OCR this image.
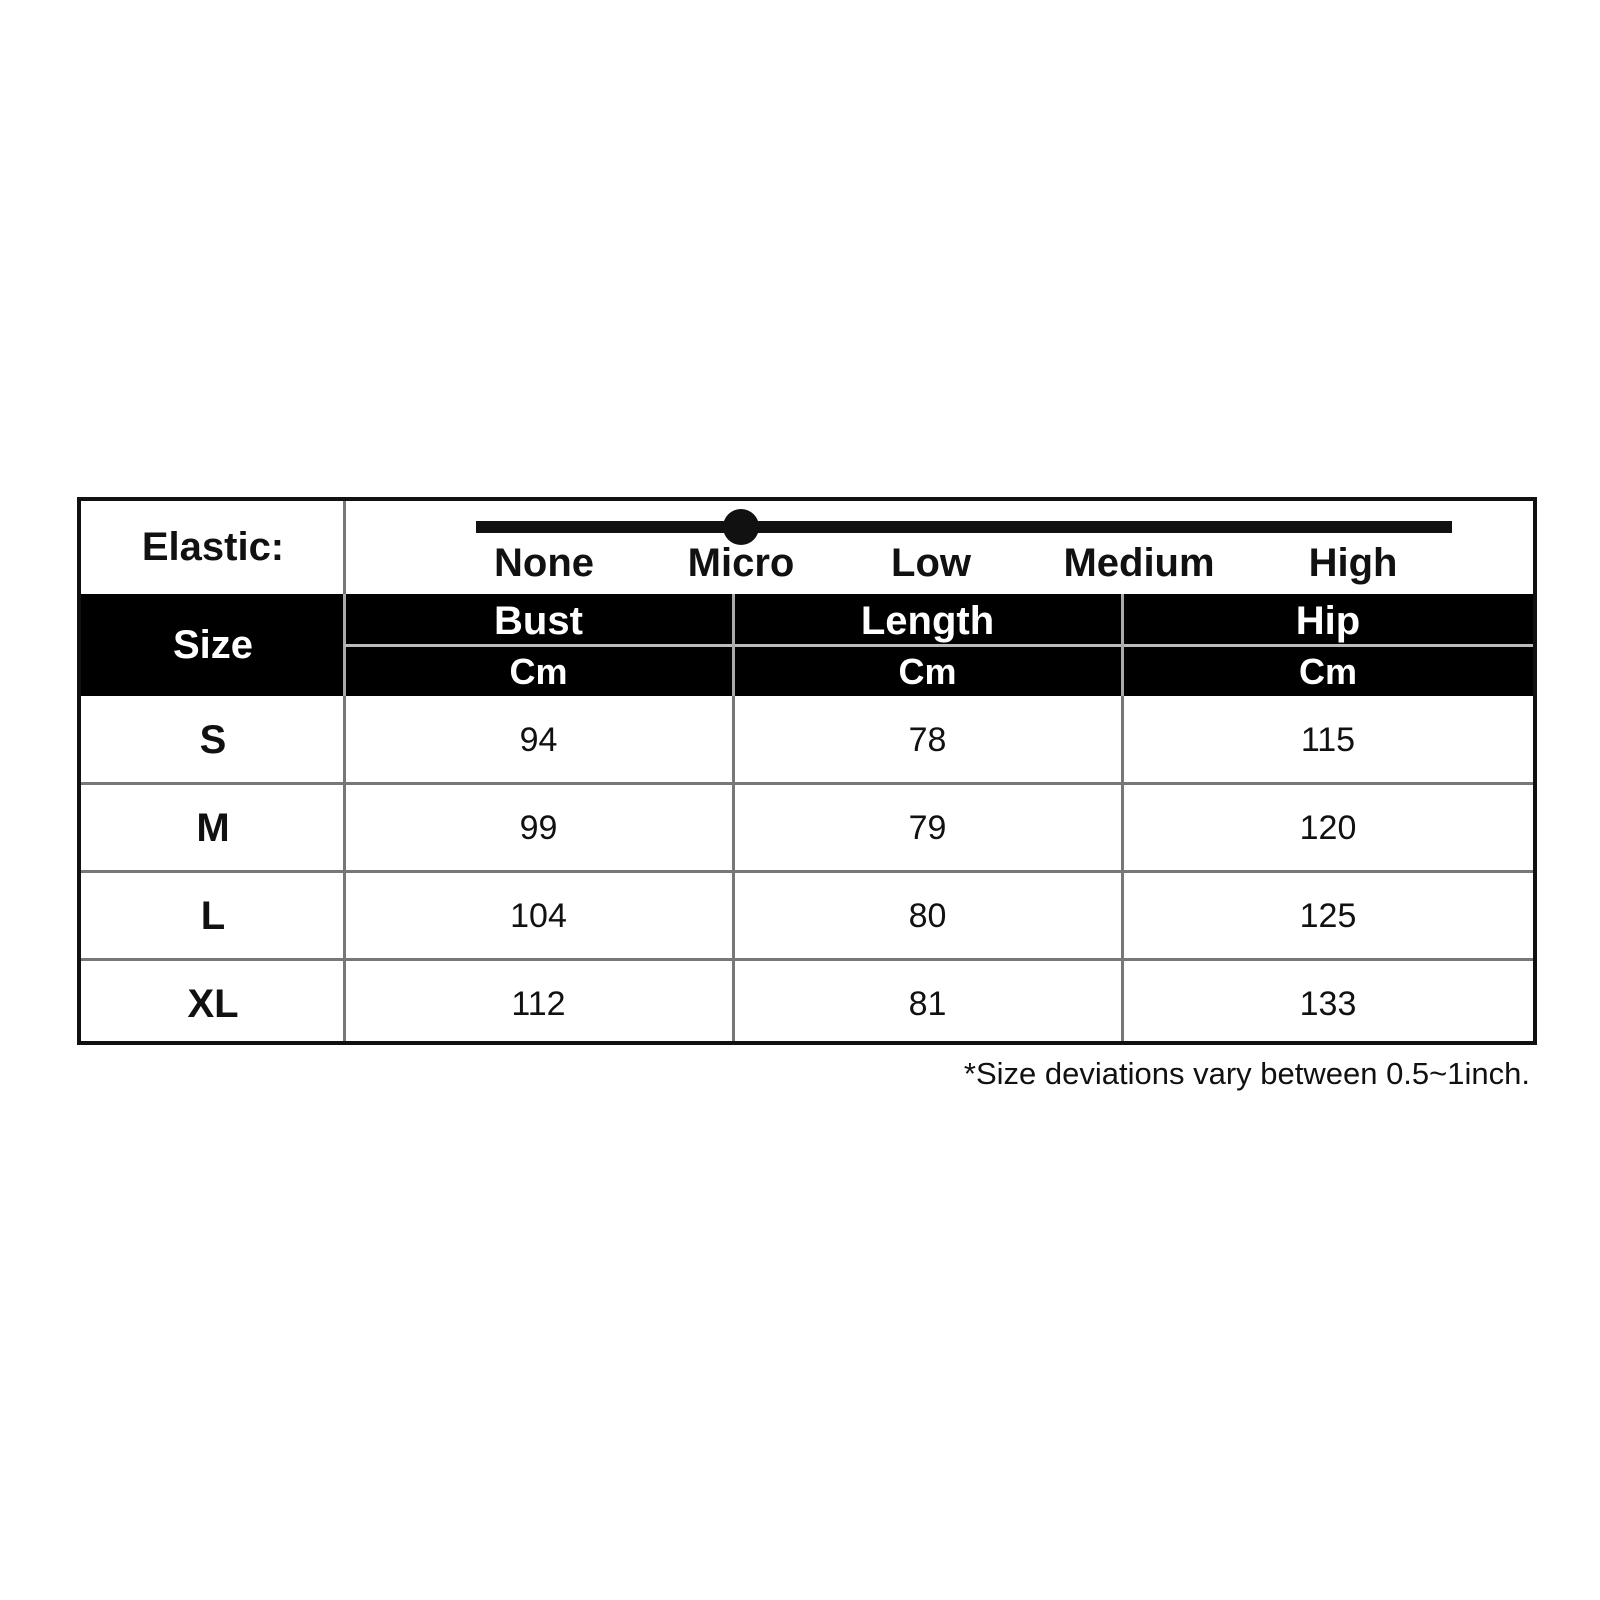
Elastic:	None Micro Low Medium High
Size
Bust	Length	Hip
Cm	Cm	Cm
S	94	78	115
M	99	79	120
L	104	80	125
XL	112	81	133
*Size deviations vary between 0.5~1inch.
